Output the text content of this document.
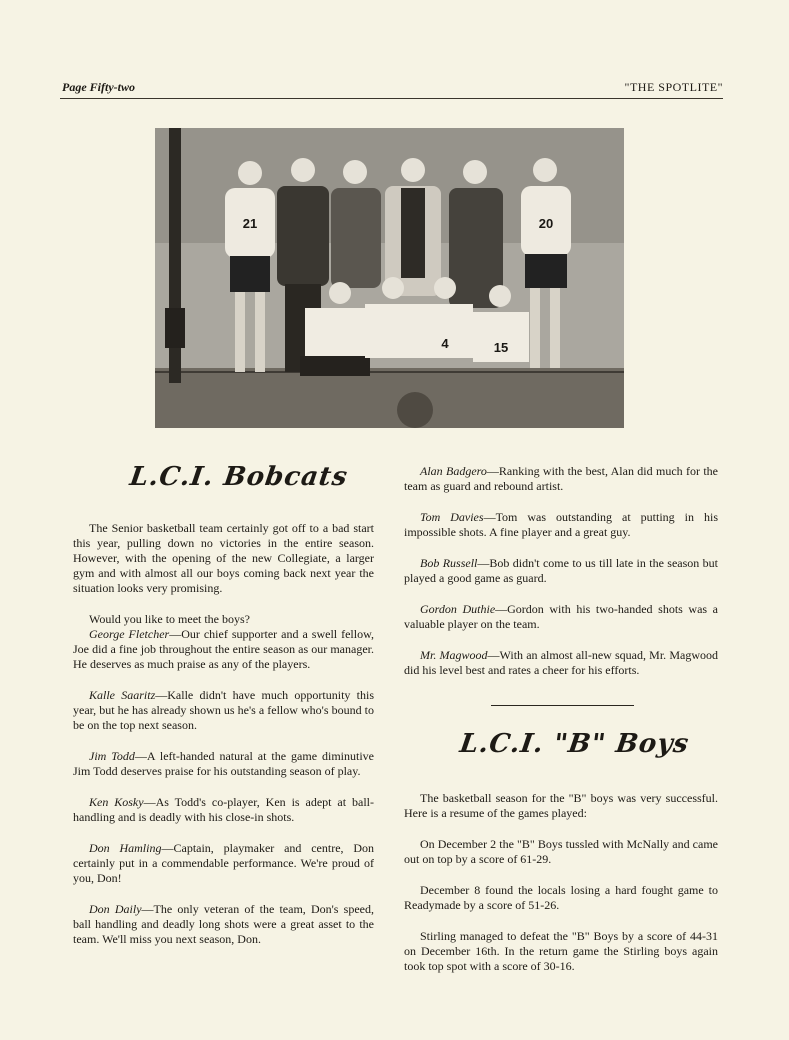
Page Fifty-two	"THE SPOTLITE"
21	20
4	15
L.C.I. Bobcats

The Senior basketball team certainly got off to a bad start this year, pulling down no victories in the entire season. However, with the opening of the new Collegiate, a larger gym and with almost all our boys coming back next year the situation looks very promising.

Would you like to meet the boys?

George Fletcher—Our chief supporter and a swell fellow, Joe did a fine job throughout the entire season as our manager. He deserves as much praise as any of the players.

Kalle Saaritz—Kalle didn't have much opportunity this year, but he has already shown us he's a fellow who's bound to be on the top next season.

Jim Todd—A left-handed natural at the game diminutive Jim Todd deserves praise for his outstanding season of play.

Ken Kosky—As Todd's co-player, Ken is adept at ball-handling and is deadly with his close-in shots.

Don Hamling—Captain, playmaker and centre, Don certainly put in a commendable performance. We're proud of you, Don!

Don Daily—The only veteran of the team, Don's speed, ball handling and deadly long shots were a great asset to the team. We'll miss you next season, Don.

Alan Badgero—Ranking with the best, Alan did much for the team as guard and rebound artist.

Tom Davies—Tom was outstanding at putting in his impossible shots. A fine player and a great guy.

Bob Russell—Bob didn't come to us till late in the season but played a good game as guard.

Gordon Duthie—Gordon with his two-handed shots was a valuable player on the team.

Mr. Magwood—With an almost all-new squad, Mr. Magwood did his level best and rates a cheer for his efforts.

L.C.I. "B" Boys

The basketball season for the "B" boys was very successful. Here is a resume of the games played:

On December 2 the "B" Boys tussled with McNally and came out on top by a score of 61-29.

December 8 found the locals losing a hard fought game to Readymade by a score of 51-26.

Stirling managed to defeat the "B" Boys by a score of 44-31 on December 16th. In the return game the Stirling boys again took top spot with a score of 30-16.
